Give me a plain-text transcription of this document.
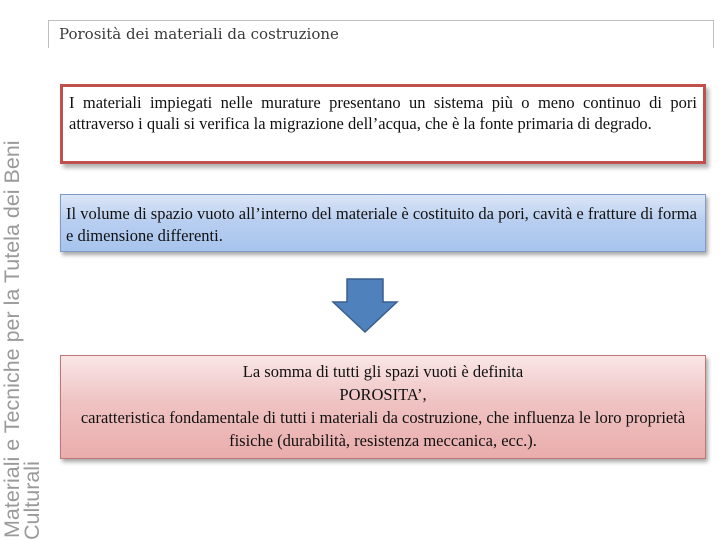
Materiali e Tecniche per la Tutela dei Beni
Culturali
Porosità dei materiali da costruzione
I materiali impiegati nelle murature presentano un sistema più o meno continuo di pori attraverso i quali si verifica la migrazione dell’acqua, che è la fonte primaria di degrado.
Il volume di spazio vuoto all’interno del materiale è costituito da pori, cavità e fratture di forma e dimensione differenti.
La somma di tutti gli spazi vuoti è definita
POROSITA’,
caratteristica fondamentale di tutti i materiali da costruzione, che influenza le loro proprietà fisiche (durabilità, resistenza meccanica, ecc.).
